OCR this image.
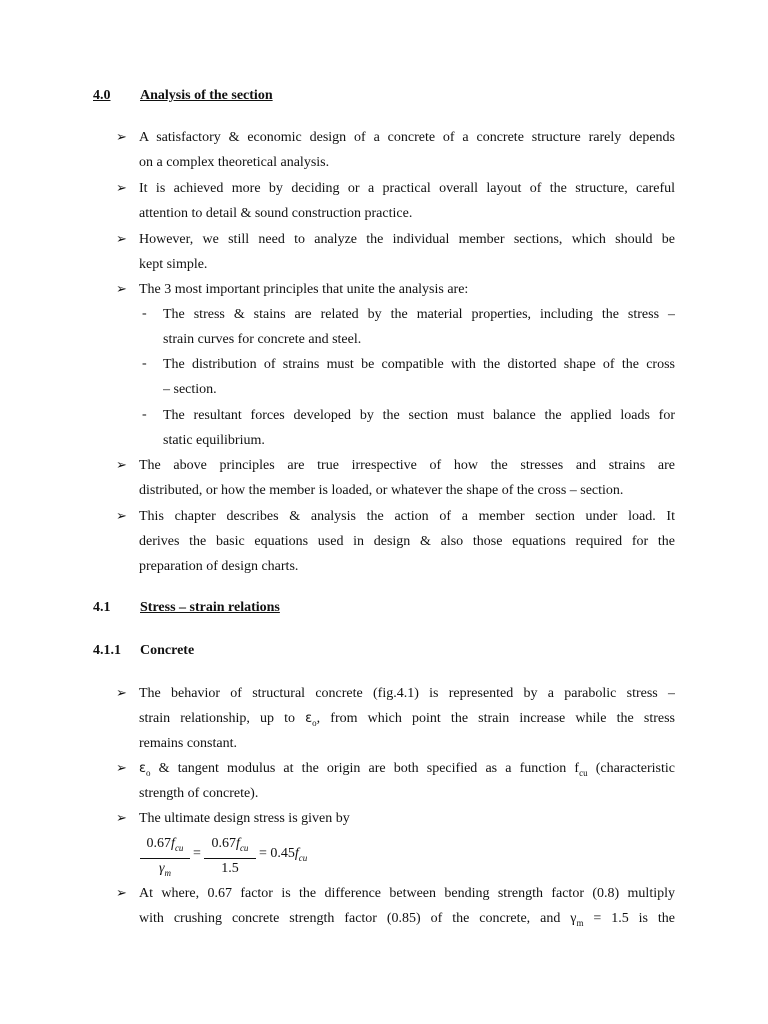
4.0 Analysis of the section
➢ A satisfactory & economic design of a concrete of a concrete structure rarely depends
on a complex theoretical analysis.
➢ It is achieved more by deciding or a practical overall layout of the structure, careful
attention to detail & sound construction practice.
➢ However, we still need to analyze the individual member sections, which should be
kept simple.
➢ The 3 most important principles that unite the analysis are:
- The stress & stains are related by the material properties, including the stress –
strain curves for concrete and steel.
- The distribution of strains must be compatible with the distorted shape of the cross
– section.
- The resultant forces developed by the section must balance the applied loads for
static equilibrium.
➢ The above principles are true irrespective of how the stresses and strains are
distributed, or how the member is loaded, or whatever the shape of the cross – section.
➢ This chapter describes & analysis the action of a member section under load. It
derives the basic equations used in design & also those equations required for the
preparation of design charts.
4.1 Stress – strain relations
4.1.1 Concrete
➢ The behavior of structural concrete (fig.4.1) is represented by a parabolic stress –
strain relationship, up to $\varepsilon_o$, from which point the strain increase while the stress
remains constant.
➢ $\varepsilon_o$ & tangent modulus at the origin are both specified as a function $f_{cu}$ (characteristic
strength of concrete).
➢ The ultimate design stress is given by
$0.67f_{cu}$
$\gamma_m$
=
$0.67f_{cu}$
1.5
= $0.45f_{cu}$
➢ At where, 0.67 factor is the difference between bending strength factor (0.8) multiply
with crushing concrete strength factor (0.85) of the concrete, and $\gamma_m = 1.5$ is the
